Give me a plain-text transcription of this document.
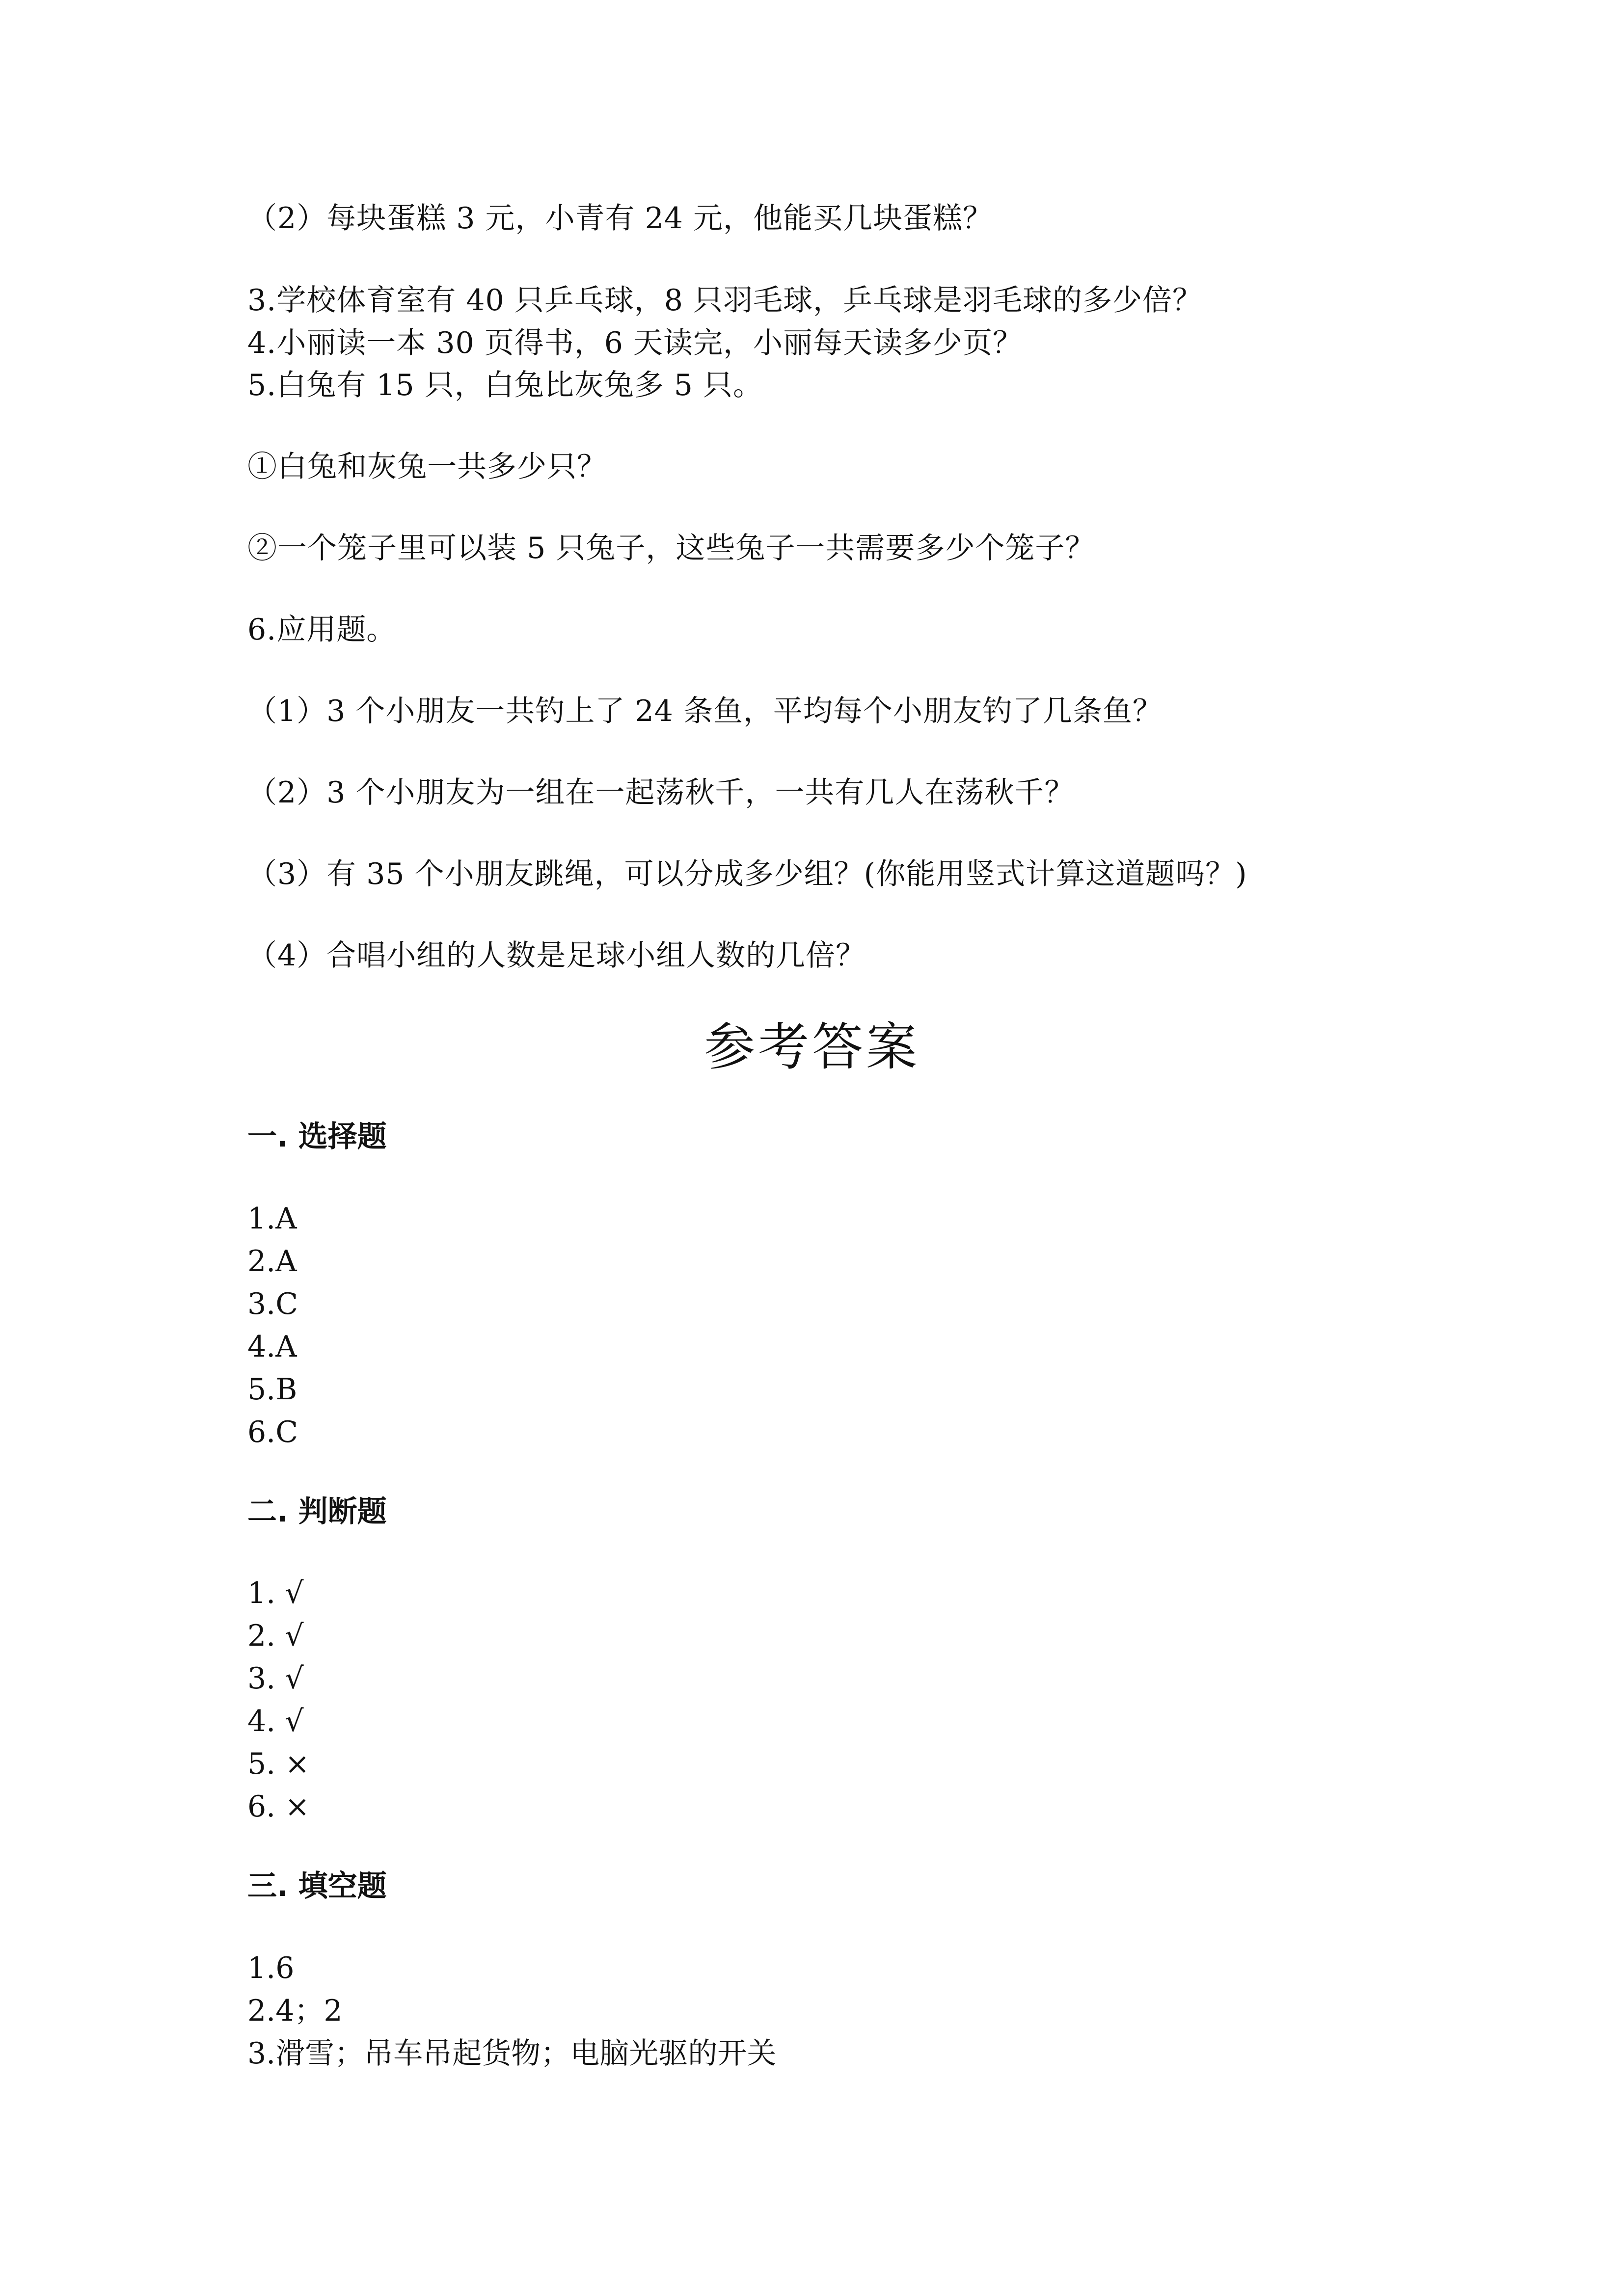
（2）每块蛋糕 3 元，小青有 24 元，他能买几块蛋糕？

3.学校体育室有 40 只乒乓球，8 只羽毛球，乒乓球是羽毛球的多少倍？

4.小丽读一本 30 页得书，6 天读完，小丽每天读多少页？

5.白兔有 15 只，白兔比灰兔多 5 只。

①白兔和灰兔一共多少只？

②一个笼子里可以装 5 只兔子，这些兔子一共需要多少个笼子？

6.应用题。

（1）3 个小朋友一共钓上了 24 条鱼，平均每个小朋友钓了几条鱼？

（2）3 个小朋友为一组在一起荡秋千，一共有几人在荡秋千？

（3）有 35 个小朋友跳绳，可以分成多少组？(你能用竖式计算这道题吗？)

（4）合唱小组的人数是足球小组人数的几倍？

参考答案
一. 选择题

1.A

2.A

3.C

4.A

5.B

6.C

二. 判断题

1. √

2. √

3. √

4. √

5. ×

6. ×

三. 填空题

1.6

2.4；2

3.滑雪；吊车吊起货物；电脑光驱的开关
